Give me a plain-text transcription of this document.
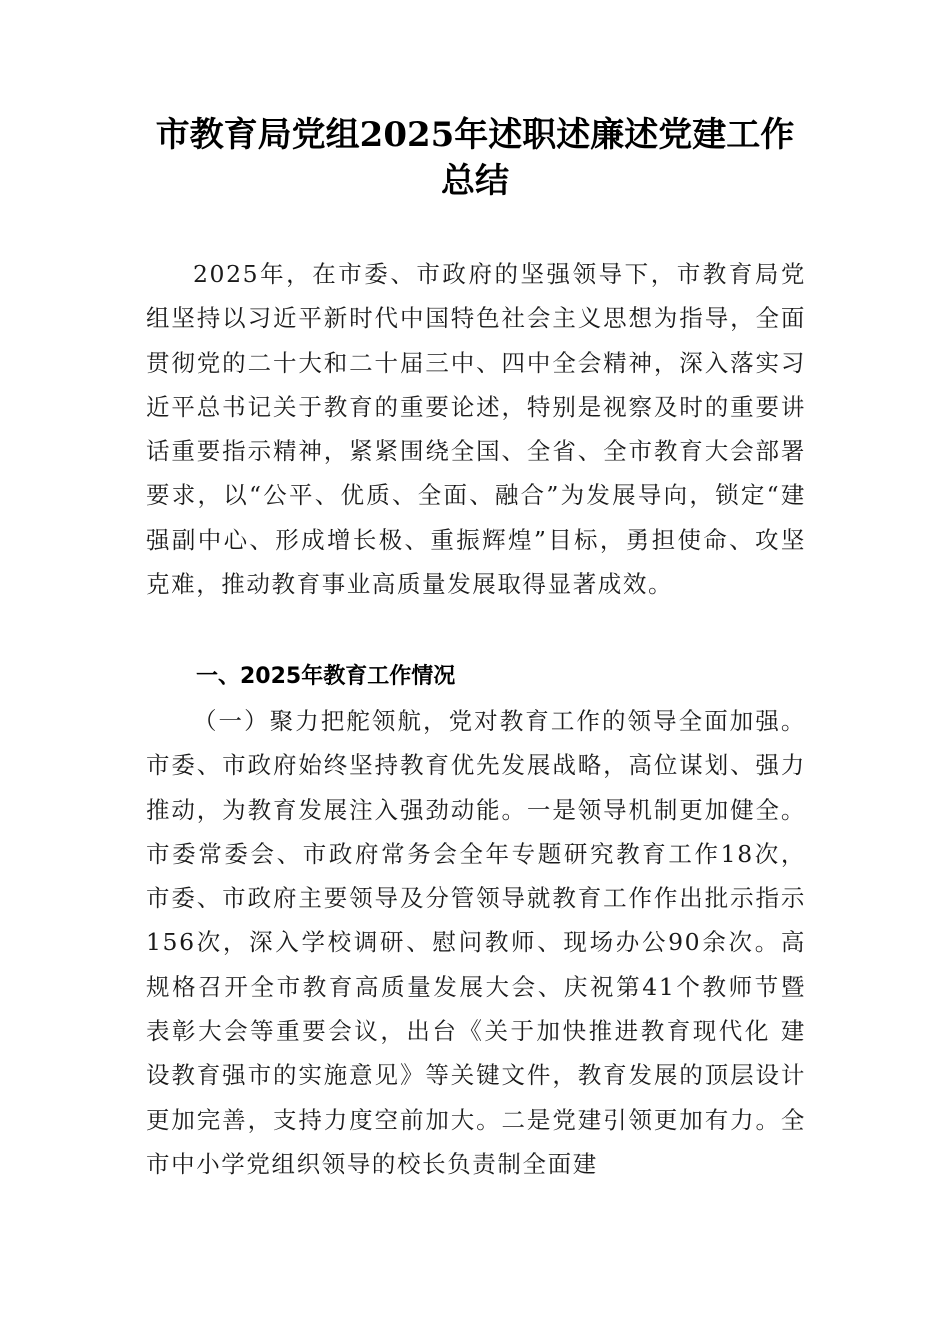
市教育局党组2025年述职述廉述党建工作总结

2025年，在市委、市政府的坚强领导下，市教育局党组坚持以习近平新时代中国特色社会主义思想为指导，全面贯彻党的二十大和二十届三中、四中全会精神，深入落实习近平总书记关于教育的重要论述，特别是视察及时的重要讲话重要指示精神，紧紧围绕全国、全省、全市教育大会部署要求，以“公平、优质、全面、融合”为发展导向，锁定“建强副中心、形成增长极、重振辉煌”目标，勇担使命、攻坚克难，推动教育事业高质量发展取得显著成效。

一、2025年教育工作情况

（一）聚力把舵领航，党对教育工作的领导全面加强。市委、市政府始终坚持教育优先发展战略，高位谋划、强力推动，为教育发展注入强劲动能。一是领导机制更加健全。市委常委会、市政府常务会全年专题研究教育工作18次，市委、市政府主要领导及分管领导就教育工作作出批示指示156次，深入学校调研、慰问教师、现场办公90余次。高规格召开全市教育高质量发展大会、庆祝第41个教师节暨表彰大会等重要会议，出台《关于加快推进教育现代化 建设教育强市的实施意见》等关键文件，教育发展的顶层设计更加完善，支持力度空前加大。二是党建引领更加有力。全市中小学党组织领导的校长负责制全面建
